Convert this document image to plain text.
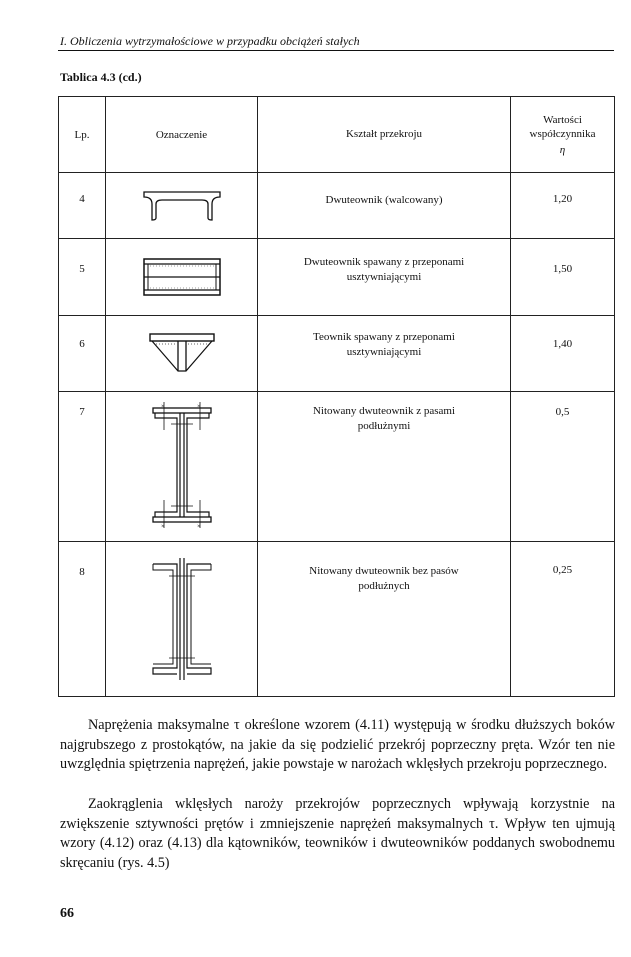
I. Obliczenia wytrzymałościowe w przypadku obciążeń stałych
Tablica 4.3 (cd.)
Lp.	Oznaczenie	Kształt przekroju	Wartości
współczynnika
η

4		Dwuteownik (walcowany)	1,20

5		Dwuteownik spawany z przeponami
usztywniającymi	1,50

6		Teownik spawany z przeponami
usztywniającymi	1,40

7	× ×
× ×	Nitowany dwuteownik z pasami
podłużnymi	0,5

8		Nitowany dwuteownik bez pasów
podłużnych	0,25

Naprężenia maksymalne τ określone wzorem (4.11) występują w środku dłuższych boków najgrubszego z prostokątów, na jakie da się podzielić przekrój poprzeczny pręta. Wzór ten nie uwzględnia spiętrzenia naprężeń, jakie powstaje w narożach wklęsłych przekroju poprzecznego.

Zaokrąglenia wklęsłych naroży przekrojów poprzecznych wpływają korzystnie na zwiększenie sztywności prętów i zmniejszenie naprężeń maksymalnych τ. Wpływ ten ujmują wzory (4.12) oraz (4.13) dla kątowników, teowników i dwuteowników poddanych swobodnemu skręcaniu (rys. 4.5)

66
